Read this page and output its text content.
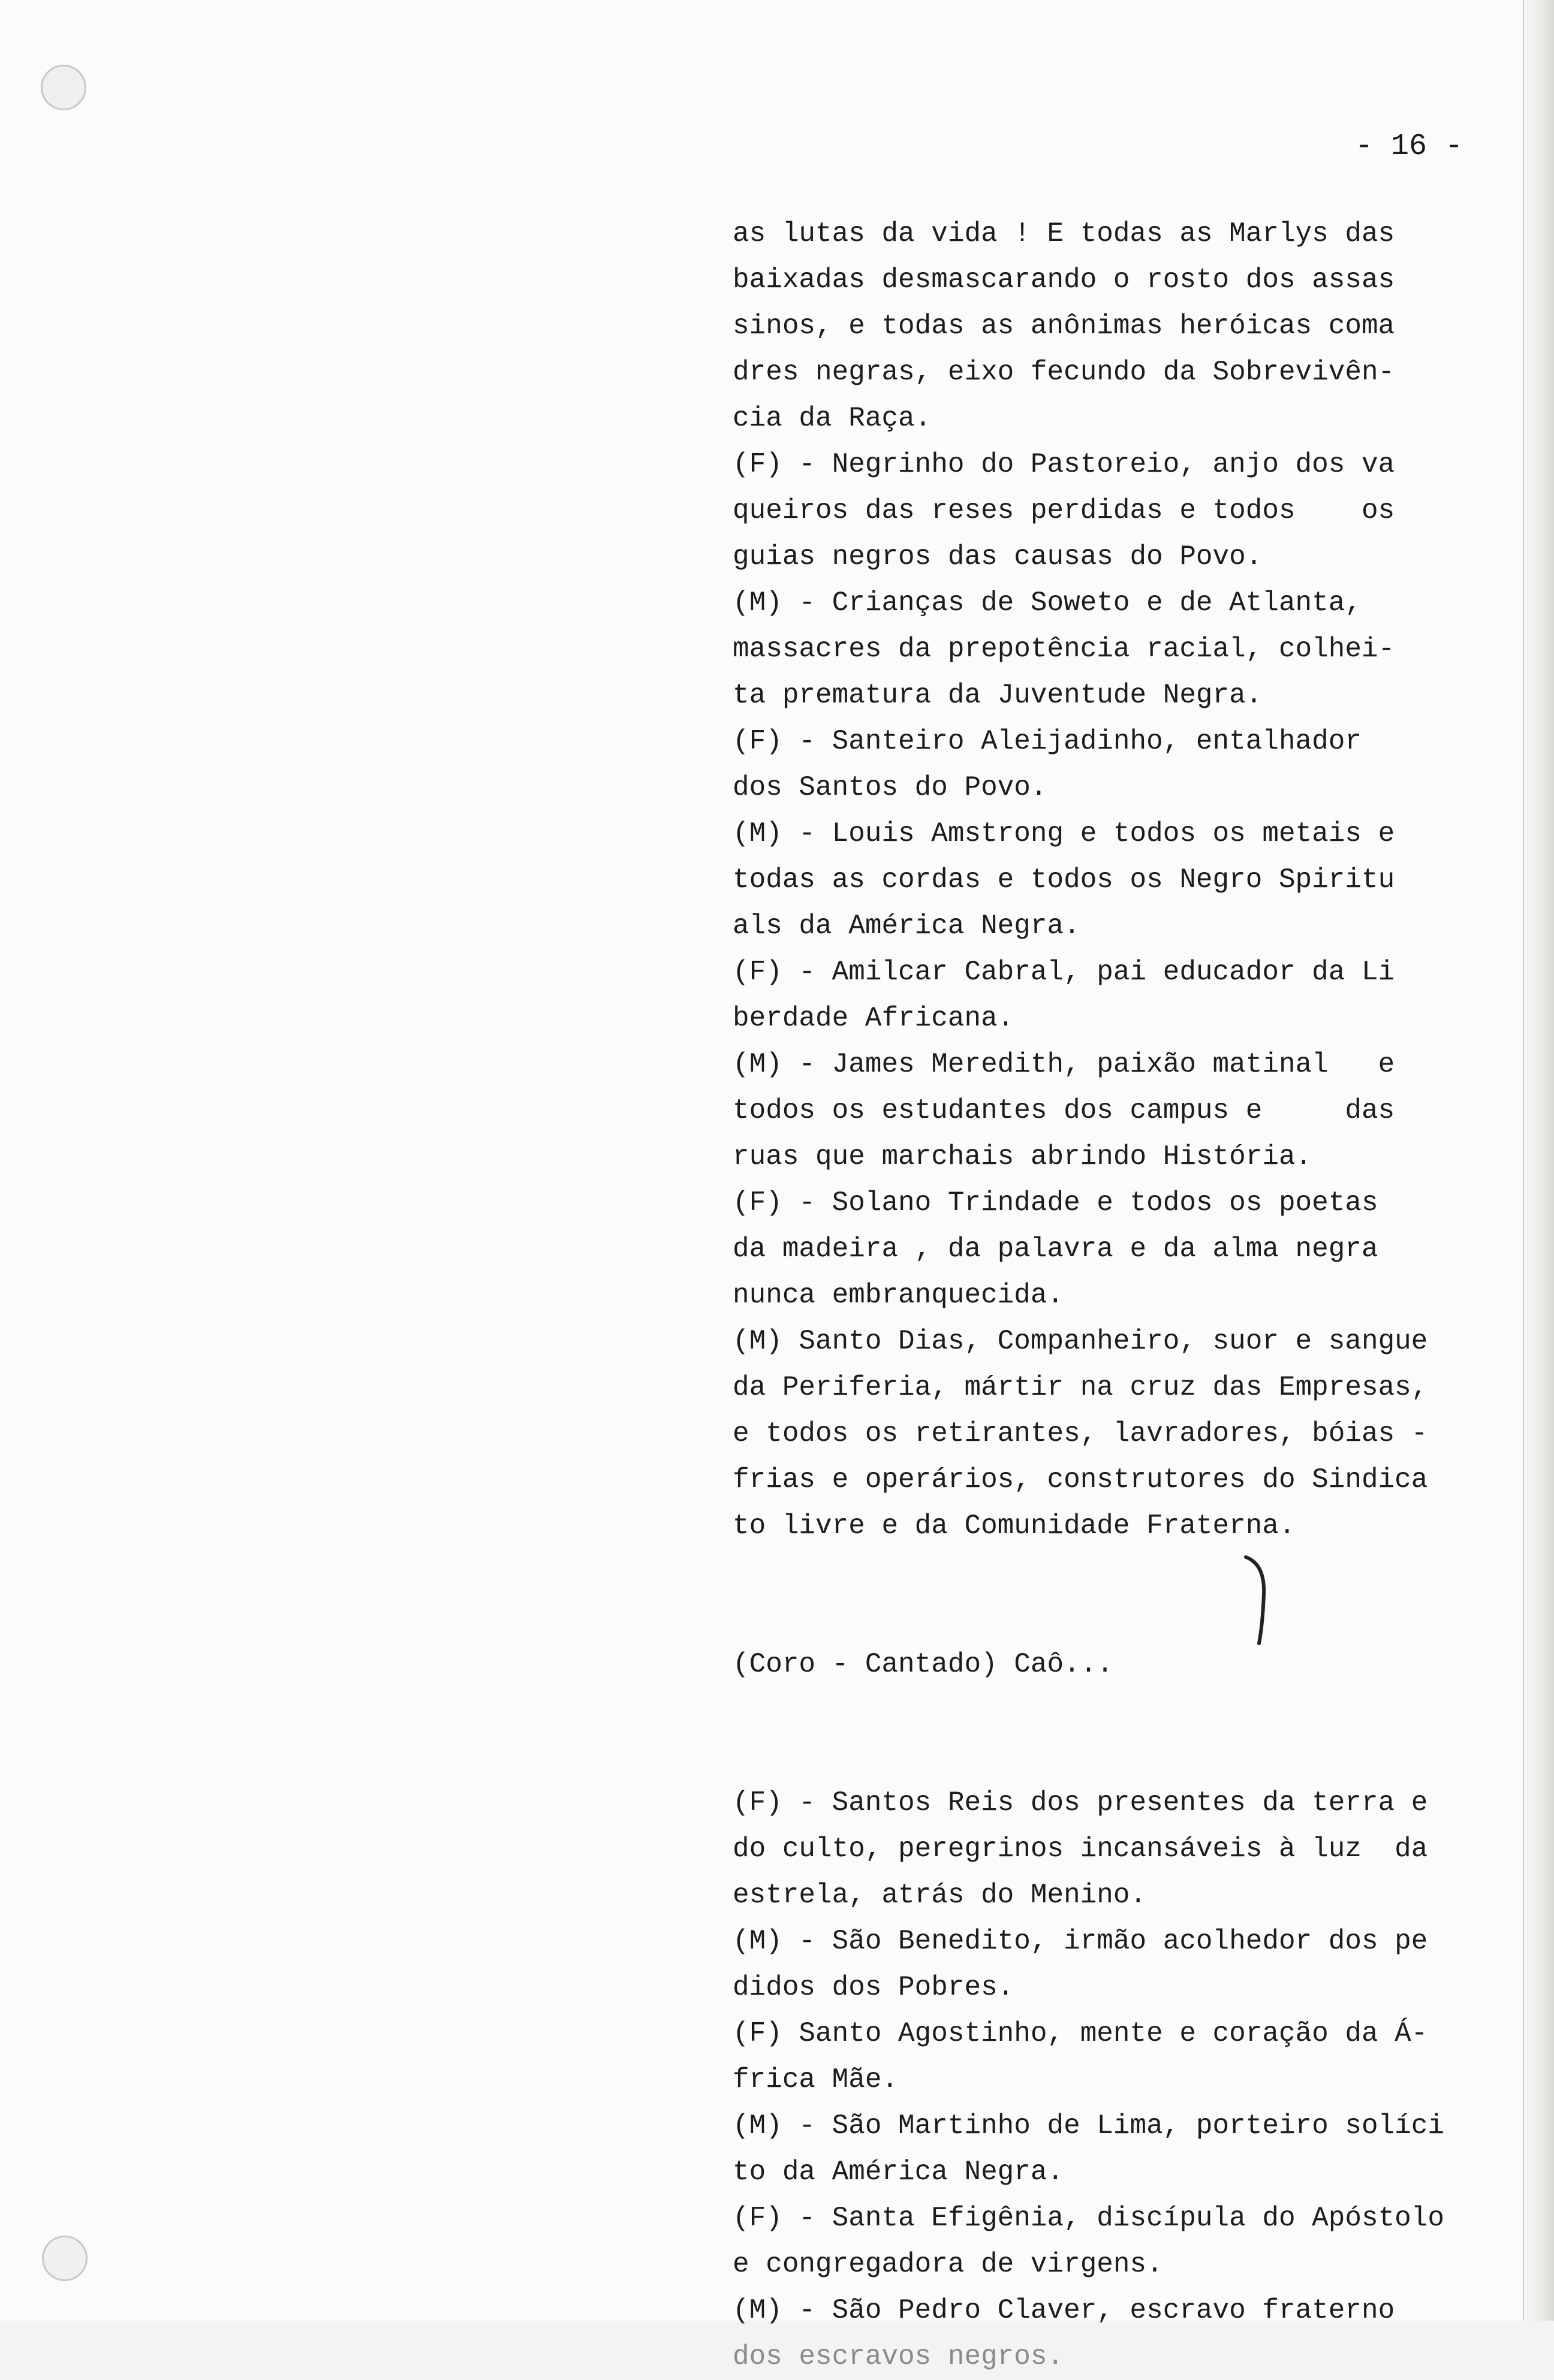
- 16 -
as lutas da vida ! E todas as Marlys das
baixadas desmascarando o rosto dos assas
sinos, e todas as anônimas heróicas coma
dres negras, eixo fecundo da Sobrevivên-
cia da Raça.
(F) - Negrinho do Pastoreio, anjo dos va
queiros das reses perdidas e todos    os
guias negros das causas do Povo.
(M) - Crianças de Soweto e de Atlanta,
massacres da prepotência racial, colhei-
ta prematura da Juventude Negra.
(F) - Santeiro Aleijadinho, entalhador
dos Santos do Povo.
(M) - Louis Amstrong e todos os metais e
todas as cordas e todos os Negro Spiritu
als da América Negra.
(F) - Amilcar Cabral, pai educador da Li
berdade Africana.
(M) - James Meredith, paixão matinal   e
todos os estudantes dos campus e     das
ruas que marchais abrindo História.
(F) - Solano Trindade e todos os poetas
da madeira , da palavra e da alma negra
nunca embranquecida.
(M) Santo Dias, Companheiro, suor e sangue
da Periferia, mártir na cruz das Empresas,
e todos os retirantes, lavradores, bóias -
frias e operários, construtores do Sindica
to livre e da Comunidade Fraterna.
(Coro - Cantado) Caô...
(F) - Santos Reis dos presentes da terra e
do culto, peregrinos incansáveis à luz  da
estrela, atrás do Menino.
(M) - São Benedito, irmão acolhedor dos pe
didos dos Pobres.
(F) Santo Agostinho, mente e coração da Á-
frica Mãe.
(M) - São Martinho de Lima, porteiro solíci
to da América Negra.
(F) - Santa Efigênia, discípula do Apóstolo
e congregadora de virgens.
(M) - São Pedro Claver, escravo fraterno
dos escravos negros.
